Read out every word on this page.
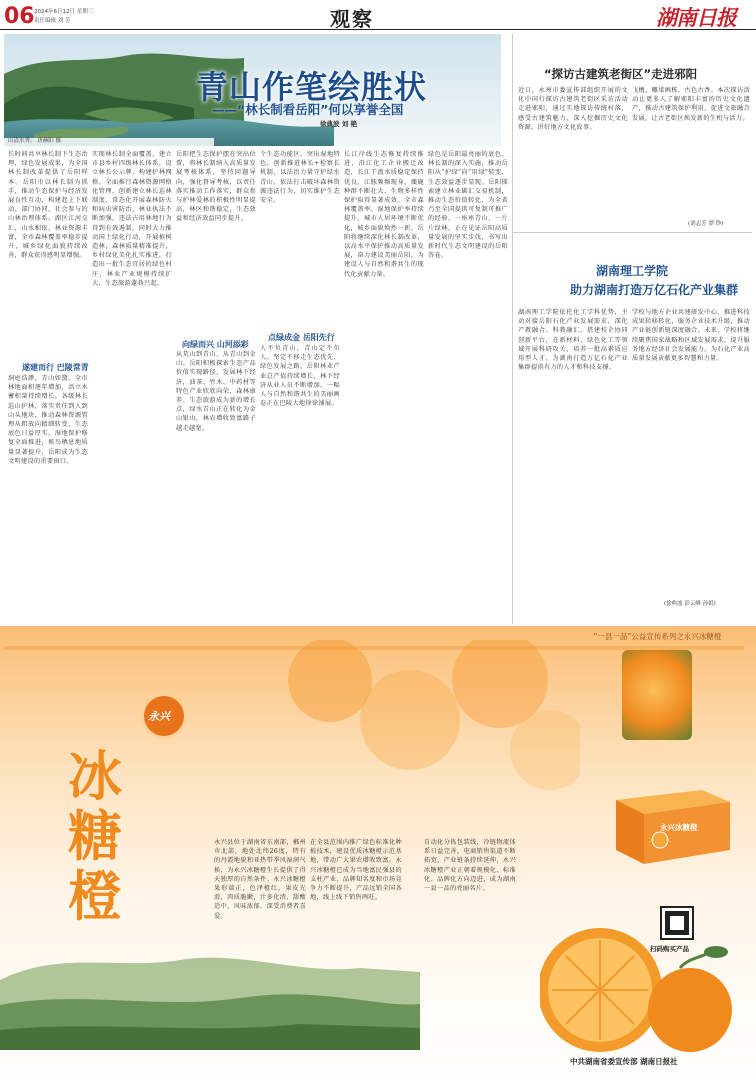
06 2024年6月12日 星期三
责任编辑 刘 芳	观察	湖南日报
山清水秀。 唐赫阳 摄
青山作笔绘胜状
——“林长制看岳阳”何以享誉全国
徐典波 刘 艳
长时间共享林长制下生态治理，绿色发展成果，为全国林长制改革提供了岳阳样本。岳阳市以林长制为抓手，推动生态保护与经济发展良性互动，构建起上下联动、部门协同、社会参与的山林治理体系。湖区江河交汇，山水相依，林业资源丰富，全市森林覆盖率稳步提升，城乡绿化面貌持续改善，群众获得感明显增强。
遂建而行 巴陵常青
洞庭浩渺，青山如黛。全市林地面积逐年增加，活立木蓄积量持续增长。各级林长巡山护林，落实责任到人到山头地块，推动森林资源管理从粗放向精细转变，生态底色日益厚实。湿地保护修复全面推进，候鸟栖息地质量显著提升，岳阳成为生态文明建设的重要窗口。
实现林长制全面覆盖，建立市县乡村四级林长体系，设立林长公示牌，构建护林网格。全面推行森林资源网格化管理，创新建立林长巡林制度，常态化开展森林防火和病虫害防治，林业执法不断加强，违法占用林地行为得到有效遏制。同时大力推动国土绿化行动，开展植树造林，森林质量精准提升，乡村绿化美化扎实推进，打造出一批生态宜居的绿色村庄，林业产业规模持续扩大，生态旅游蓬勃兴起。
岳阳把生态保护摆在突出位置，将林长制纳入高质量发展考核体系，坚持问题导向，强化督导考核，以责任落实推动工作落实，群众参与护林爱林的积极性明显提高，林区和谐稳定，生态效益和经济效益同步提升。
向绿而兴 山河添彩
从荒山到青山，从青山到金山。岳阳积极探索生态产品价值实现路径，发展林下经济，油茶、竹木、中药材等特色产业欣欣向荣，森林康养、生态旅游成为新的增长点，绿水青山正在转化为金山银山，林农增收致富路子越走越宽。
个生态功能区。突出湿地特色，创新推进林长+检察长机制，以法治力量守护绿水青山，依法打击破坏森林资源违法行为，切实维护生态安全。
点绿成金 岳阳先行
人不负青山，青山定不负人。坚定不移走生态优先、绿色发展之路，岳阳林业产业总产值持续增长，林下经济从业人员不断增加，一幅人与自然和谐共生的美丽画卷正在巴陵大地徐徐铺展。
长江岸线生态修复持续推进，沿江化工企业搬迁改造，长江干流水质稳定保持优良，江豚频频现身，麋鹿种群不断壮大，生物多样性保护取得显著成效。全市森林覆盖率、湿地保护率持续提升，城市人居环境不断优化，城乡面貌焕然一新。岳阳将继续深化林长制改革，以高水平保护推动高质量发展，奋力建设美丽岳阳，为建设人与自然和谐共生的现代化贡献力量。
绿色是岳阳最亮丽的底色。林长制的深入实施，推动岳阳从“护绿”向“用绿”转变，生态效益逐步显现。岳阳探索建立林业碳汇交易机制，推动生态价值转化，为全省乃至全国提供可复制可推广的经验，一座座青山、一片片绿林，正在见证岳阳高质量发展的坚实步伐，书写出新时代生态文明建设的岳阳答卷。
“探访古建筑老街区”走进邪阳
近日，永州市委宣传部组织开展的文化中国行探访古建筑老街区采访活动走进邪阳，通过实地探访传统村落，感受古建筑魅力，深入挖掘历史文化资源，讲好地方文化故事。
飞檐，雕梁画栋，古色古香。本次探访活动让更多人了解邪阳丰富的历史文化遗产，推动古建筑保护利用，促进文旅融合发展，让古老街区焕发新的生机与活力。
(刘志芳 谭 铮)
湖南理工学院
助力湖南打造万亿石化产业集群
湖南理工学院依托化工学科优势，主动对接岳阳石化产业发展需求，深化产教融合、科教融汇，搭建校企协同创新平台，在新材料、绿色化工等领域开展科研攻关，培养一批高素质应用型人才，为湖南打造万亿石化产业集群提供有力的人才和科技支撑。
学校与地方企业共建研发中心，推进科技成果转移转化，服务企业技术升级，推动产业链创新链深度融合。未来，学校将继续聚焦国家战略和区域发展需求，提升服务地方经济社会发展能力，为石化产业高质量发展贡献更多智慧和力量。
(徐典波 彭云峰 孙娟)
“一县一品”公益宣传系列之永兴冰糖橙
永兴
冰
糖
橙
永兴县位于湖南省东南部，郴州市北部，地处北纬26度，特有的丹霞地貌和亚热带季风湿润气候，为永兴冰糖橙生长提供了得天独厚的自然条件。永兴冰糖橙果形端正，色泽橙红，果皮光滑，肉质脆嫩，汁多化渣，甜酸适中，风味浓郁，深受消费者喜爱。
在全县范围内推广绿色标准化种植技术，建设优质冰糖橙示范基地，带动广大果农增收致富。永兴冰糖橙已成为当地富民强县的支柱产业，品牌知名度和市场竞争力不断提升，产品远销全国各地，线上线下销售两旺。
自动化分拣包装线，冷链物流体系日益完善，电商销售渠道不断拓宽，产业链条持续延伸，永兴冰糖橙产业正朝着规模化、标准化、品牌化方向迈进，成为湖南一县一品的亮丽名片。
永兴冰糖橙
扫码购买产品
中共湖南省委宣传部 湖南日报社
